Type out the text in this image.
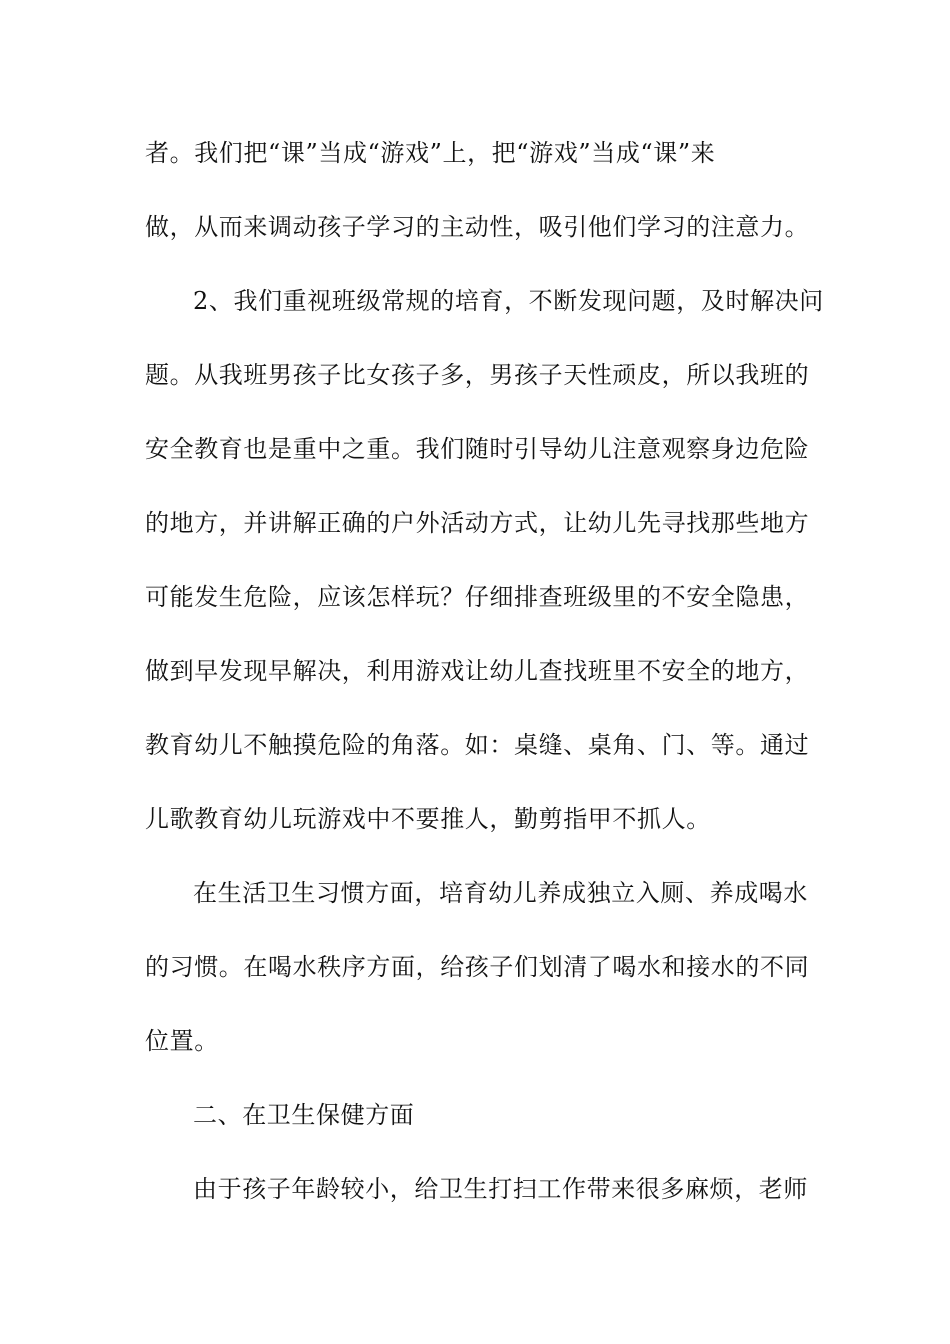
者。我们把“课”当成“游戏”上，把“游戏”当成“课”来
做，从而来调动孩子学习的主动性，吸引他们学习的注意力。
2、我们重视班级常规的培育，不断发现问题，及时解决问
题。从我班男孩子比女孩子多，男孩子天性顽皮，所以我班的
安全教育也是重中之重。我们随时引导幼儿注意观察身边危险
的地方，并讲解正确的户外活动方式，让幼儿先寻找那些地方
可能发生危险，应该怎样玩？仔细排查班级里的不安全隐患，
做到早发现早解决，利用游戏让幼儿查找班里不安全的地方，
教育幼儿不触摸危险的角落。如：桌缝、桌角、门、等。通过
儿歌教育幼儿玩游戏中不要推人，勤剪指甲不抓人。
在生活卫生习惯方面，培育幼儿养成独立入厕、养成喝水
的习惯。在喝水秩序方面，给孩子们划清了喝水和接水的不同
位置。
二、在卫生保健方面
由于孩子年龄较小，给卫生打扫工作带来很多麻烦，老师
